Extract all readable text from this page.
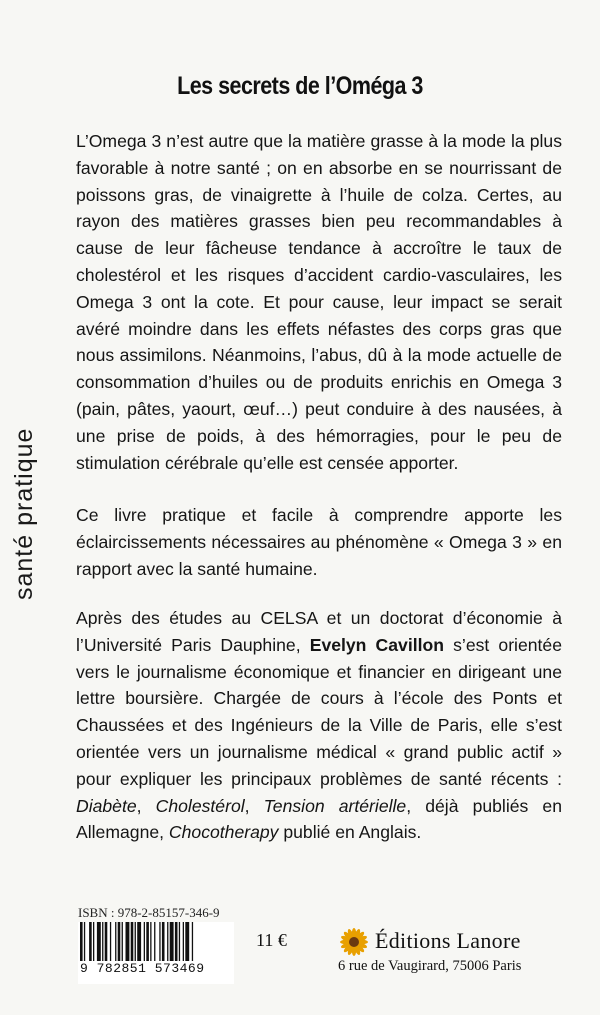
Les secrets de l’Oméga 3
santé pratique

L’Omega 3 n’est autre que la matière grasse à la mode la plus favorable à notre santé ; on en absorbe en se nourrissant de poissons gras, de vinaigrette à l’huile de colza. Certes, au rayon des matières grasses bien peu recommandables à cause de leur fâcheuse tendance à accroître le taux de cholestérol et les risques d’accident cardio-vasculaires, les Omega 3 ont la cote. Et pour cause, leur impact se serait avéré moindre dans les effets néfastes des corps gras que nous assimilons. Néanmoins, l’abus, dû à la mode actuelle de consommation d’huiles ou de produits enrichis en Omega 3 (pain, pâtes, yaourt, œuf…) peut conduire à des nausées, à une prise de poids, à des hémorragies, pour le peu de stimulation cérébrale qu’elle est censée apporter.

Ce livre pratique et facile à comprendre apporte les éclaircissements nécessaires au phénomène « Omega 3 » en rapport avec la santé humaine.

Après des études au CELSA et un doctorat d’économie à l’Université Paris Dauphine, Evelyn Cavillon s’est orientée vers le journalisme économique et financier en dirigeant une lettre boursière. Chargée de cours à l’école des Ponts et Chaussées et des Ingénieurs de la Ville de Paris, elle s’est orientée vers un journalisme médical « grand public actif » pour expliquer les principaux problèmes de santé récents : Diabète, Cholestérol, Tension artérielle, déjà publiés en Allemagne, Chocotherapy publié en Anglais.

ISBN : 978-2-85157-346-9
9 782851 573469
11 €	Éditions Lanore
6 rue de Vaugirard, 75006 Paris
